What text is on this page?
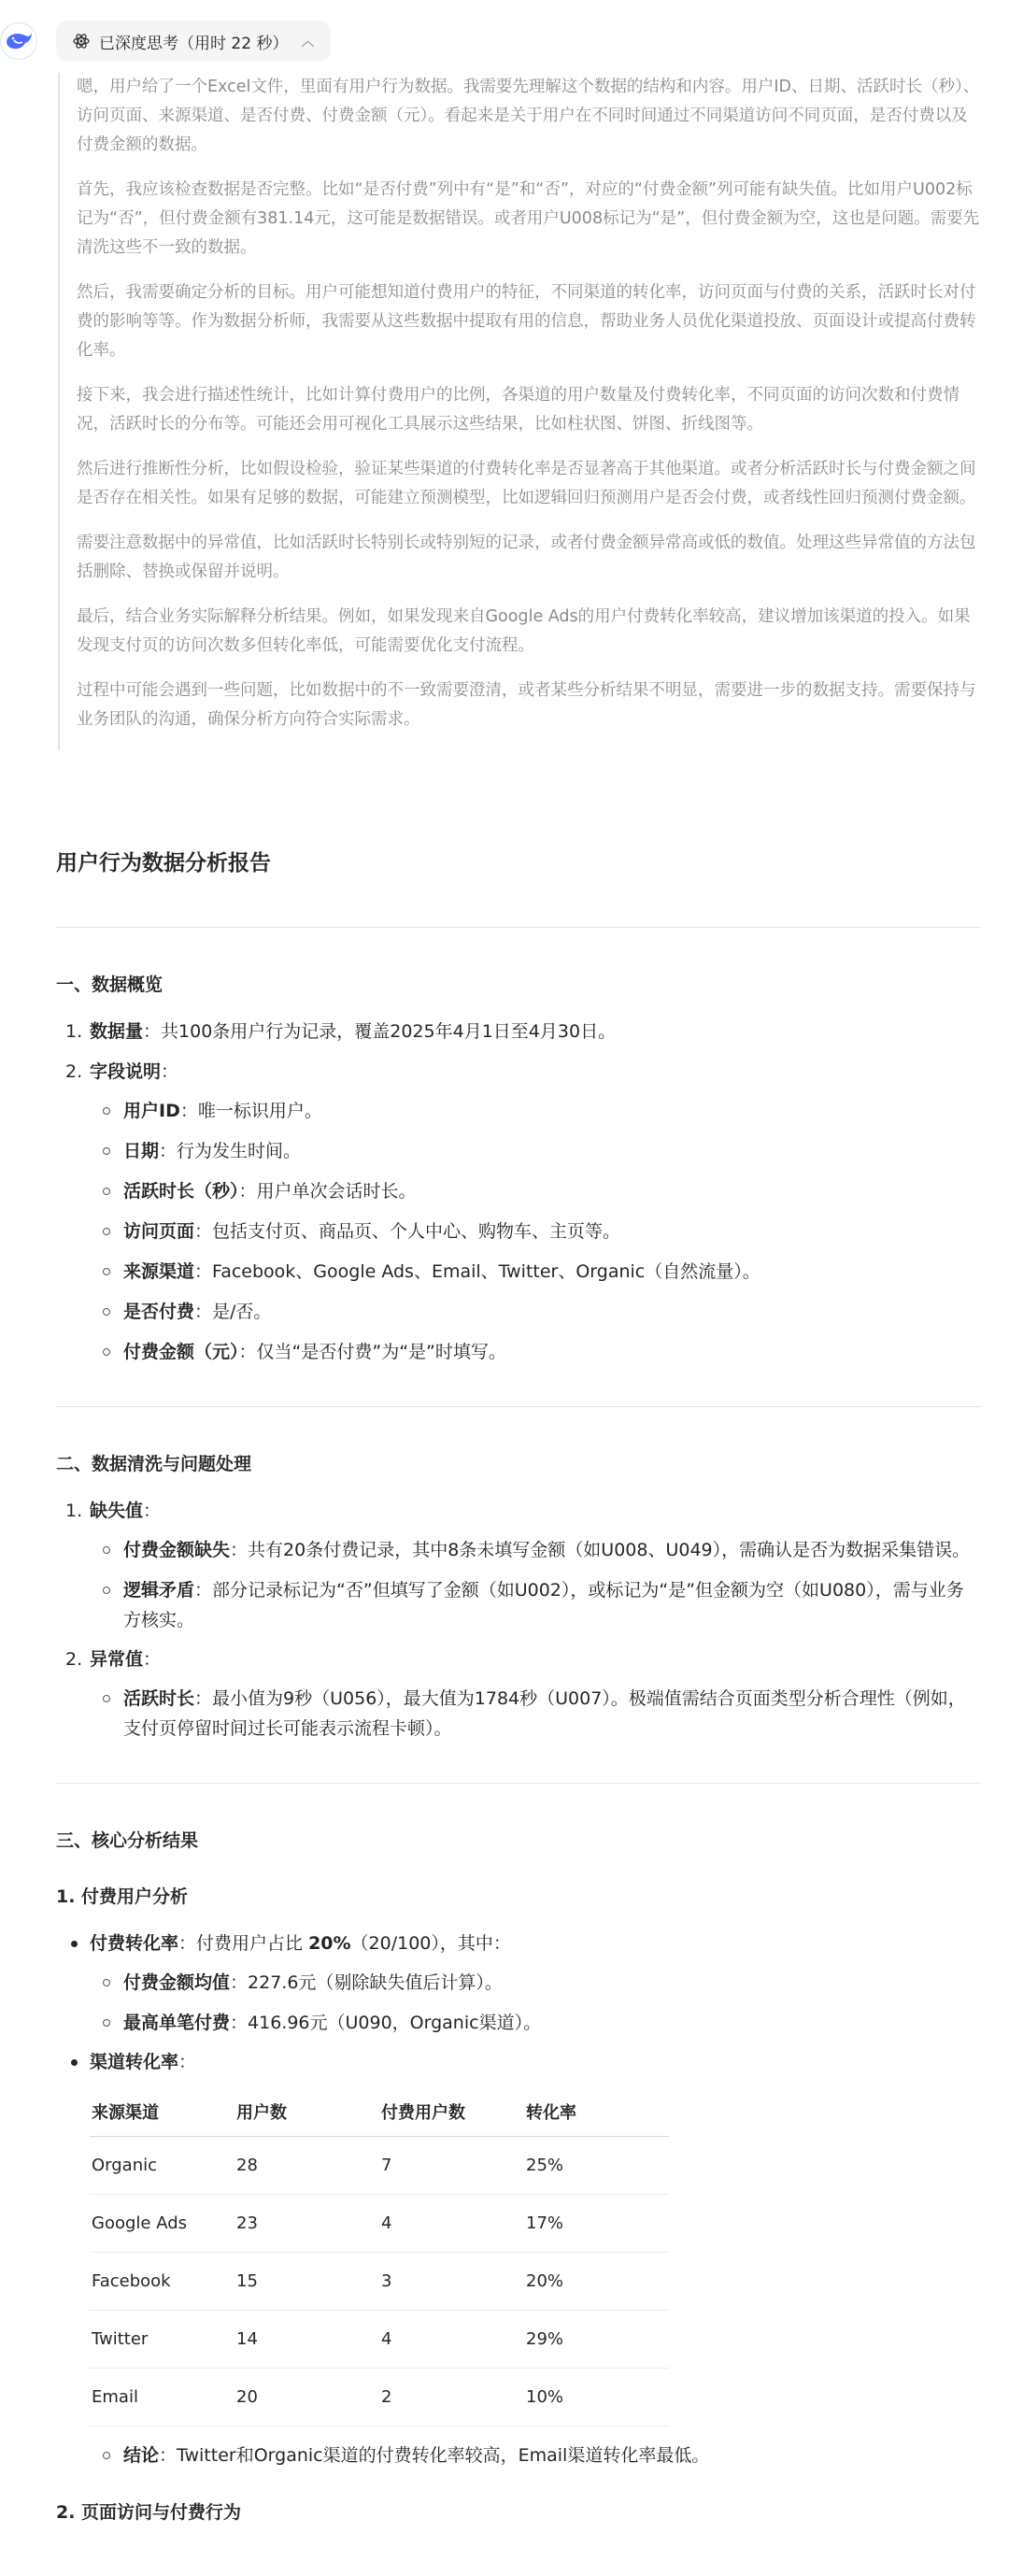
已深度思考（用时 22 秒） ︿

嗯，用户给了一个Excel文件，里面有用户行为数据。我需要先理解这个数据的结构和内容。用户ID、日期、活跃时长（秒）、访问页面、来源渠道、是否付费、付费金额（元）。看起来是关于用户在不同时间通过不同渠道访问不同页面，是否付费以及付费金额的数据。

首先，我应该检查数据是否完整。比如“是否付费”列中有“是”和“否”，对应的“付费金额”列可能有缺失值。比如用户U002标记为“否”，但付费金额有381.14元，这可能是数据错误。或者用户U008标记为“是”，但付费金额为空，这也是问题。需要先清洗这些不一致的数据。

然后，我需要确定分析的目标。用户可能想知道付费用户的特征，不同渠道的转化率，访问页面与付费的关系，活跃时长对付费的影响等等。作为数据分析师，我需要从这些数据中提取有用的信息，帮助业务人员优化渠道投放、页面设计或提高付费转化率。

接下来，我会进行描述性统计，比如计算付费用户的比例，各渠道的用户数量及付费转化率，不同页面的访问次数和付费情况，活跃时长的分布等。可能还会用可视化工具展示这些结果，比如柱状图、饼图、折线图等。

然后进行推断性分析，比如假设检验，验证某些渠道的付费转化率是否显著高于其他渠道。或者分析活跃时长与付费金额之间是否存在相关性。如果有足够的数据，可能建立预测模型，比如逻辑回归预测用户是否会付费，或者线性回归预测付费金额。

需要注意数据中的异常值，比如活跃时长特别长或特别短的记录，或者付费金额异常高或低的数值。处理这些异常值的方法包括删除、替换或保留并说明。

最后，结合业务实际解释分析结果。例如，如果发现来自Google Ads的用户付费转化率较高，建议增加该渠道的投入。如果发现支付页的访问次数多但转化率低，可能需要优化支付流程。

过程中可能会遇到一些问题，比如数据中的不一致需要澄清，或者某些分析结果不明显，需要进一步的数据支持。需要保持与业务团队的沟通，确保分析方向符合实际需求。

用户行为数据分析报告
一、数据概览
1. 数据量：共100条用户行为记录，覆盖2025年4月1日至4月30日。
2. 字段说明：
用户ID：唯一标识用户。
日期：行为发生时间。
活跃时长（秒）：用户单次会话时长。
访问页面：包括支付页、商品页、个人中心、购物车、主页等。
来源渠道：Facebook、Google Ads、Email、Twitter、Organic（自然流量）。
是否付费：是/否。
付费金额（元）：仅当“是否付费”为“是”时填写。
二、数据清洗与问题处理
1. 缺失值：
付费金额缺失：共有20条付费记录，其中8条未填写金额（如U008、U049），需确认是否为数据采集错误。
逻辑矛盾：部分记录标记为“否”但填写了金额（如U002），或标记为“是”但金额为空（如U080），需与业务方核实。
2. 异常值：
活跃时长：最小值为9秒（U056），最大值为1784秒（U007）。极端值需结合页面类型分析合理性（例如，支付页停留时间过长可能表示流程卡顿）。
三、核心分析结果
1. 付费用户分析
付费转化率：付费用户占比 20%（20/100），其中：
付费金额均值：227.6元（剔除缺失值后计算）。
最高单笔付费：416.96元（U090，Organic渠道）。
渠道转化率：
来源渠道	用户数	付费用户数	转化率
Organic	28	7	25%
Google Ads	23	4	17%
Facebook	15	3	20%
Twitter	14	4	29%
Email	20	2	10%
结论：Twitter和Organic渠道的付费转化率较高，Email渠道转化率最低。
2. 页面访问与付费行为
